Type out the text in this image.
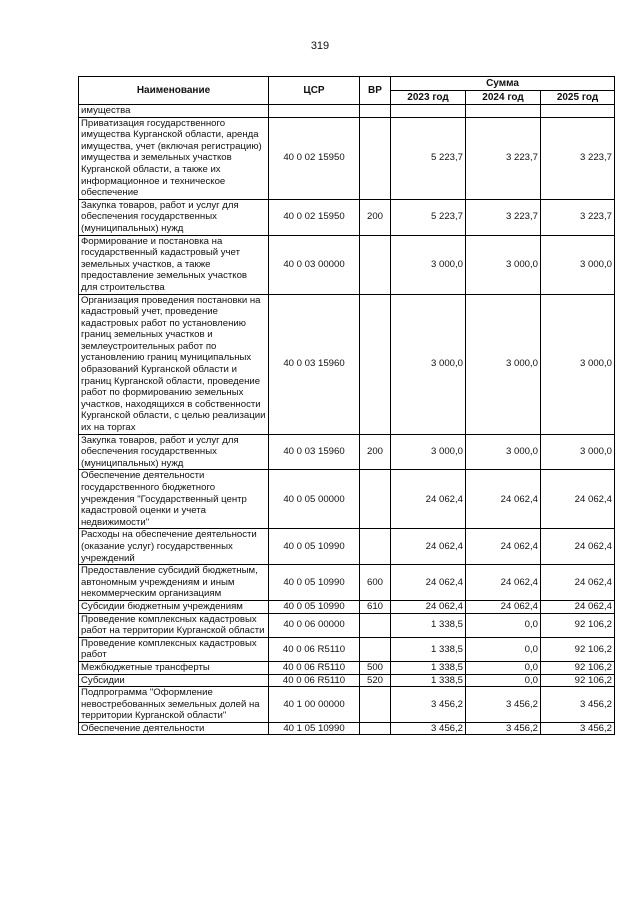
319
Наименование	ЦСР	ВР	Сумма		
			2023 год	2024 год	2025 год
имущества					
Приватизация государственного имущества Курганской области, аренда имущества, учет (включая регистрацию) имущества и земельных участков Курганской области, а также их информационное и техническое обеспечение	40 0 02 15950		5 223,7	3 223,7	3 223,7
Закупка товаров, работ и услуг для обеспечения государственных (муниципальных) нужд	40 0 02 15950	200	5 223,7	3 223,7	3 223,7
Формирование и постановка на государственный кадастровый учет земельных участков, а также предоставление земельных участков для строительства	40 0 03 00000		3 000,0	3 000,0	3 000,0
Организация проведения постановки на кадастровый учет, проведение кадастровых работ по установлению границ земельных участков и землеустроительных работ по установлению границ муниципальных образований Курганской области и границ Курганской области, проведение работ по формированию земельных участков, находящихся в собственности Курганской области, с целью реализации их на торгах	40 0 03 15960		3 000,0	3 000,0	3 000,0
Закупка товаров, работ и услуг для обеспечения государственных (муниципальных) нужд	40 0 03 15960	200	3 000,0	3 000,0	3 000,0
Обеспечение деятельности государственного бюджетного учреждения "Государственный центр кадастровой оценки и учета недвижимости"	40 0 05 00000		24 062,4	24 062,4	24 062,4
Расходы на обеспечение деятельности (оказание услуг) государственных учреждений	40 0 05 10990		24 062,4	24 062,4	24 062,4
Предоставление субсидий бюджетным, автономным учреждениям и иным некоммерческим организациям	40 0 05 10990	600	24 062,4	24 062,4	24 062,4
Субсидии бюджетным учреждениям	40 0 05 10990	610	24 062,4	24 062,4	24 062,4
Проведение комплексных кадастровых работ на территории Курганской области	40 0 06 00000		1 338,5	0,0	92 106,2
Проведение комплексных кадастровых работ	40 0 06 R5110		1 338,5	0,0	92 106,2
Межбюджетные трансферты	40 0 06 R5110	500	1 338,5	0,0	92 106,2
Субсидии	40 0 06 R5110	520	1 338,5	0,0	92 106,2
Подпрограмма "Оформление невостребованных земельных долей на территории Курганской области"	40 1 00 00000		3 456,2	3 456,2	3 456,2
Обеспечение деятельности	40 1 05 10990		3 456,2	3 456,2	3 456,2
